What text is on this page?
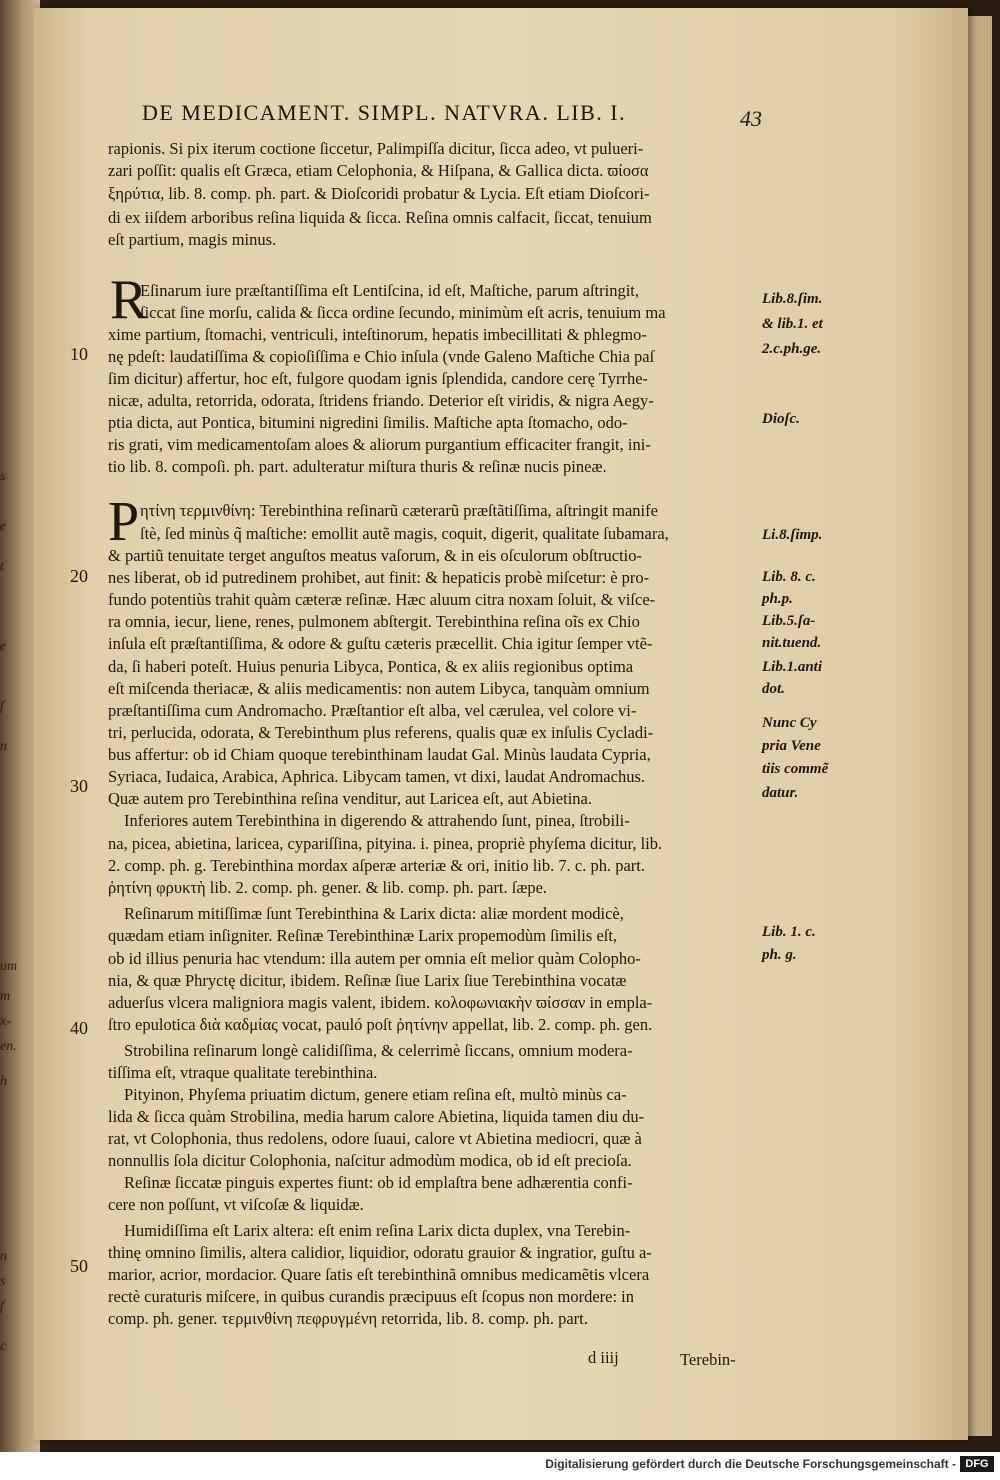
s
e
t
e
ſ
n
um
m
x-
en.
h
n
s
f
c
DE MEDICAMENT. SIMPL. NATVRA. LIB. I.	43
rapionis. Si pix iterum coctione ſiccetur, Palimpiſſa dicitur, ſicca adeo, vt pulueri-
zari poſſit: qualis eſt Græca, etiam Celophonia, & Hiſpana, & Gallica dicta. ϖίοσα
ξηρύτια, lib. 8. comp. ph. part. & Dioſcoridi probatur & Lycia. Eſt etiam Dioſcori-
di ex iiſdem arboribus reſina liquida & ſicca. Reſina omnis calfacit, ſiccat, tenuium
eſt partium, magis minus.
Eſinarum iure præſtantiſſima eſt Lentiſcina, id eſt, Maſtiche, parum aſtringit,
ſiccat ſine morſu, calida & ſicca ordine ſecundo, minimùm eſt acris, tenuium ma
xime partium, ſtomachi, ventriculi, inteſtinorum, hepatis imbecillitati & phlegmo-
nę pdeſt: laudatiſſima & copioſiſſima e Chio inſula (vnde Galeno Maſtiche Chia paſ
ſim dicitur) affertur, hoc eſt, fulgore quodam ignis ſplendida, candore cerę Tyrrhe-
nicæ, adulta, retorrida, odorata, ſtridens friando. Deterior eſt viridis, & nigra Aegy-
ptia dicta, aut Pontica, bitumini nigredini ſimilis. Maſtiche apta ſtomacho, odo-
ris grati, vim medicamentoſam aloes & aliorum purgantium efficaciter frangit, ini-
tio lib. 8. compoſi. ph. part. adulteratur miſtura thuris & reſinæ nucis pineæ.
ητίνη τερμινθίνη: Terebinthina reſinarũ cæterarũ præſtãtiſſima, aſtringit manife
ſtè, ſed minùs q̃ maſtiche: emollit autẽ magis, coquit, digerit, qualitate ſubamara,
& partiũ tenuitate terget anguſtos meatus vaſorum, & in eis oſculorum obſtructio-
nes liberat, ob id putredinem prohibet, aut finit: & hepaticis probè miſcetur: è pro-
fundo potentiùs trahit quàm cæteræ reſinæ. Hæc aluum citra noxam ſoluit, & viſce-
ra omnia, iecur, liene, renes, pulmonem abſtergit. Terebinthina reſina oĩs ex Chio
inſula eſt præſtantiſſima, & odore & guſtu cæteris præcellit. Chia igitur ſemper vtẽ-
da, ſi haberi poteſt. Huius penuria Libyca, Pontica, & ex aliis regionibus optima
eſt miſcenda theriacæ, & aliis medicamentis: non autem Libyca, tanquàm omnium
præſtantiſſima cum Andromacho. Præſtantior eſt alba, vel cærulea, vel colore vi-
tri, perlucida, odorata, & Terebinthum plus referens, qualis quæ ex inſulis Cycladi-
bus affertur: ob id Chiam quoque terebinthinam laudat Gal. Minùs laudata Cypria,
Syriaca, Iudaica, Arabica, Aphrica. Libycam tamen, vt dixi, laudat Andromachus.
Quæ autem pro Terebinthina reſina venditur, aut Laricea eſt, aut Abietina.
Inferiores autem Terebinthina in digerendo & attrahendo ſunt, pinea, ſtrobili-
na, picea, abietina, laricea, cypariſſina, pityina. i. pinea, propriè phyſema dicitur, lib.
2. comp. ph. g. Terebinthina mordax aſperæ arteriæ & ori, initio lib. 7. c. ph. part.
ῥητίνη φρυκτὴ lib. 2. comp. ph. gener. & lib. comp. ph. part. ſæpe.
Reſinarum mitiſſimæ ſunt Terebinthina & Larix dicta: aliæ mordent modicè,
quædam etiam inſigniter. Reſinæ Terebinthinæ Larix propemodùm ſimilis eſt,
ob id illius penuria hac vtendum: illa autem per omnia eſt melior quàm Colopho-
nia, & quæ Phryctę dicitur, ibidem. Reſinæ ſiue Larix ſiue Terebinthina vocatæ
aduerſus vlcera maligniora magis valent, ibidem. κολοφωνιακὴν ϖίσσαν in empla-
ſtro epulotica διὰ καδμίας vocat, pauló poſt ῥητίνην appellat, lib. 2. comp. ph. gen.
Strobilina reſinarum longè calidiſſima, & celerrimè ſiccans, omnium modera-
tiſſima eſt, vtraque qualitate terebinthina.
Pityinon, Phyſema priuatim dictum, genere etiam reſina eſt, multò minùs ca-
lida & ſicca quàm Strobilina, media harum calore Abietina, liquida tamen diu du-
rat, vt Colophonia, thus redolens, odore ſuaui, calore vt Abietina mediocri, quæ à
nonnullis ſola dicitur Colophonia, naſcitur admodùm modica, ob id eſt precioſa.
Reſinæ ſiccatæ pinguis expertes fiunt: ob id emplaſtra bene adhærentia confi-
cere non poſſunt, vt viſcoſæ & liquidæ.
Humidiſſima eſt Larix altera: eſt enim reſina Larix dicta duplex, vna Terebin-
thinę omnino ſimilis, altera calidior, liquidior, odoratu grauior & ingratior, guſtu a-
marior, acrior, mordacior. Quare ſatis eſt terebinthinã omnibus medicamẽtis vlcera
rectè curaturis miſcere, in quibus curandis præcipuus eſt ſcopus non mordere: in
comp. ph. gener. τερμινθίνη πεφρυγμένη retorrida, lib. 8. comp. ph. part.
Lib.8.ſim.
& lib.1. et
2.c.ph.ge.
Dioſc.
Li.8.ſimp.
Lib. 8. c.
ph.p.
Lib.5.ſa-
nit.tuend.
Lib.1.anti
dot.
Nunc Cy
pria Vene
tiis commẽ
datur.
Lib. 1. c.
ph. g.
10
20
30
40
50
R
P
d iiij	Terebin-
Digitalisierung gefördert durch die Deutsche Forschungsgemeinschaft - DFG
